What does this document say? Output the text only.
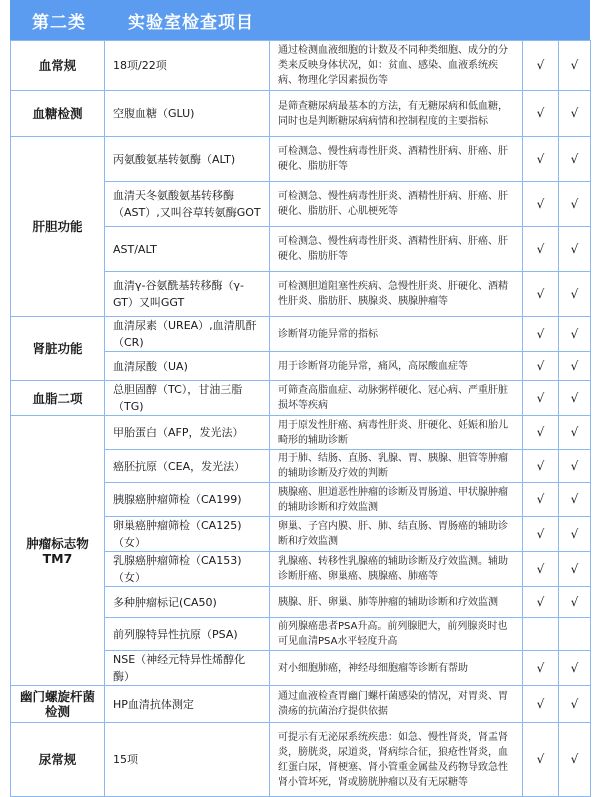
第二类 实验室检查项目
血常规	18项/22项	通过检测血液细胞的计数及不同种类细胞、成分的分类来反映身体状况，如：贫血、感染、血液系统疾病、物理化学因素损伤等	√	√
血糖检测	空腹血糖（GLU)	是筛查糖尿病最基本的方法，有无糖尿病和低血糖，同时也是判断糖尿病病情和控制程度的主要指标	√	√
肝胆功能	丙氨酸氨基转氨酶（ALT)	可检测急、慢性病毒性肝炎、酒精性肝病、肝癌、肝硬化、脂肪肝等	√	√
	血清天冬氨酸氨基转移酶（AST）,又叫谷草转氨酶GOT	可检测急、慢性病毒性肝炎、酒精性肝病、肝癌、肝硬化、脂肪肝、心肌梗死等	√	√
	AST/ALT	可检测急、慢性病毒性肝炎、酒精性肝病、肝癌、肝硬化、脂肪肝等	√	√
	血清γ-谷氨酰基转移酶（γ-GT）又叫GGT	可检测胆道阻塞性疾病、急慢性肝炎、肝硬化、酒精性肝炎、脂肪肝、胰腺炎、胰腺肿瘤等	√	√
肾脏功能	血清尿素（UREA）,血清肌酐（CR)	诊断肾功能异常的指标	√	√
	血清尿酸（UA)	用于诊断肾功能异常，痛风，高尿酸血症等	√	√
血脂二项	总胆固醇（TC），甘油三脂（TG)	可筛查高脂血症、动脉粥样硬化、冠心病、严重肝脏损坏等疾病	√	√
肿瘤标志物TM7	甲胎蛋白（AFP，发光法）	用于原发性肝癌、病毒性肝炎、肝硬化、妊娠和胎儿畸形的辅助诊断	√	√
	癌胚抗原（CEA，发光法）	用于肺、结肠、直肠、乳腺、胃、胰腺、胆管等肿瘤的辅助诊断及疗效的判断	√	√
	胰腺癌肿瘤筛检（CA199)	胰腺癌、胆道恶性肿瘤的诊断及胃肠道、甲状腺肿瘤的辅助诊断和疗效监测	√	√
	卵巢癌肿瘤筛检（CA125)（女）	卵巢、子宫内膜、肝、肺、结直肠、胃肠癌的辅助诊断和疗效监测	√	√
	乳腺癌肿瘤筛检（CA153)（女）	乳腺癌、转移性乳腺癌的辅助诊断及疗效监测。辅助诊断肝癌、卵巢癌、胰腺癌、肺癌等	√	√
	多种肿瘤标记(CA50)	胰腺、肝、卵巢、肺等肿瘤的辅助诊断和疗效监测	√	√
	前列腺特异性抗原（PSA)	前列腺癌患者PSA升高。前列腺肥大，前列腺炎时也可见血清PSA水平轻度升高		
	NSE（神经元特异性烯醇化酶）	对小细胞肺癌，神经母细胞瘤等诊断有帮助	√	√
幽门螺旋杆菌检测	HP血清抗体测定	通过血液检查胃幽门螺杆菌感染的情况，对胃炎、胃溃疡的抗菌治疗提供依据	√	√
尿常规	15项	可提示有无泌尿系统疾患：如急、慢性肾炎，肾盂肾炎，膀胱炎，尿道炎，肾病综合征，狼疮性肾炎，血红蛋白尿，肾梗塞、肾小管重金属盐及药物导致急性肾小管坏死，肾或膀胱肿瘤以及有无尿糖等	√	√
